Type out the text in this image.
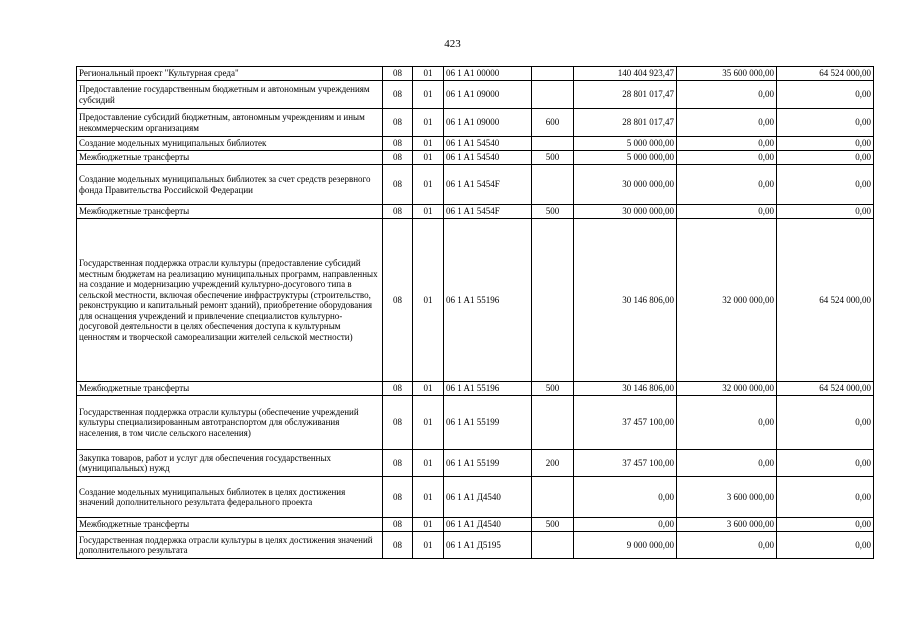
423
Региональный проект "Культурная среда"	08	01	06 1 A1 00000		140 404 923,47	35 600 000,00	64 524 000,00
Предоставление государственным бюджетным и автономным учреждениям субсидий	08	01	06 1 A1 09000		28 801 017,47	0,00	0,00
Предоставление субсидий бюджетным, автономным учреждениям и иным некоммерческим организациям	08	01	06 1 A1 09000	600	28 801 017,47	0,00	0,00
Создание модельных муниципальных библиотек	08	01	06 1 A1 54540		5 000 000,00	0,00	0,00
Межбюджетные трансферты	08	01	06 1 A1 54540	500	5 000 000,00	0,00	0,00
Создание модельных муниципальных библиотек за счет средств резервного фонда Правительства Российской Федерации	08	01	06 1 A1 5454F		30 000 000,00	0,00	0,00
Межбюджетные трансферты	08	01	06 1 A1 5454F	500	30 000 000,00	0,00	0,00
Государственная поддержка отрасли культуры (предоставление субсидий местным бюджетам на реализацию муниципальных программ, направленных на создание и модернизацию учреждений культурно-досугового типа в сельской местности, включая обеспечение инфраструктуры (строительство, реконструкцию и капитальный ремонт зданий), приобретение оборудования для оснащения учреждений и привлечение специалистов культурно-досуговой деятельности в целях обеспечения доступа к культурным ценностям и творческой самореализации жителей сельской местности)	08	01	06 1 A1 55196		30 146 806,00	32 000 000,00	64 524 000,00
Межбюджетные трансферты	08	01	06 1 A1 55196	500	30 146 806,00	32 000 000,00	64 524 000,00
Государственная поддержка отрасли культуры (обеспечение учреждений культуры специализированным автотранспортом для обслуживания населения, в том числе сельского населения)	08	01	06 1 A1 55199		37 457 100,00	0,00	0,00
Закупка товаров, работ и услуг для обеспечения государственных (муниципальных) нужд	08	01	06 1 A1 55199	200	37 457 100,00	0,00	0,00
Создание модельных муниципальных библиотек в целях достижения значений дополнительного результата федерального проекта	08	01	06 1 A1 Д4540		0,00	3 600 000,00	0,00
Межбюджетные трансферты	08	01	06 1 A1 Д4540	500	0,00	3 600 000,00	0,00
Государственная поддержка отрасли культуры в целях достижения значений дополнительного результата	08	01	06 1 A1 Д5195		9 000 000,00	0,00	0,00
